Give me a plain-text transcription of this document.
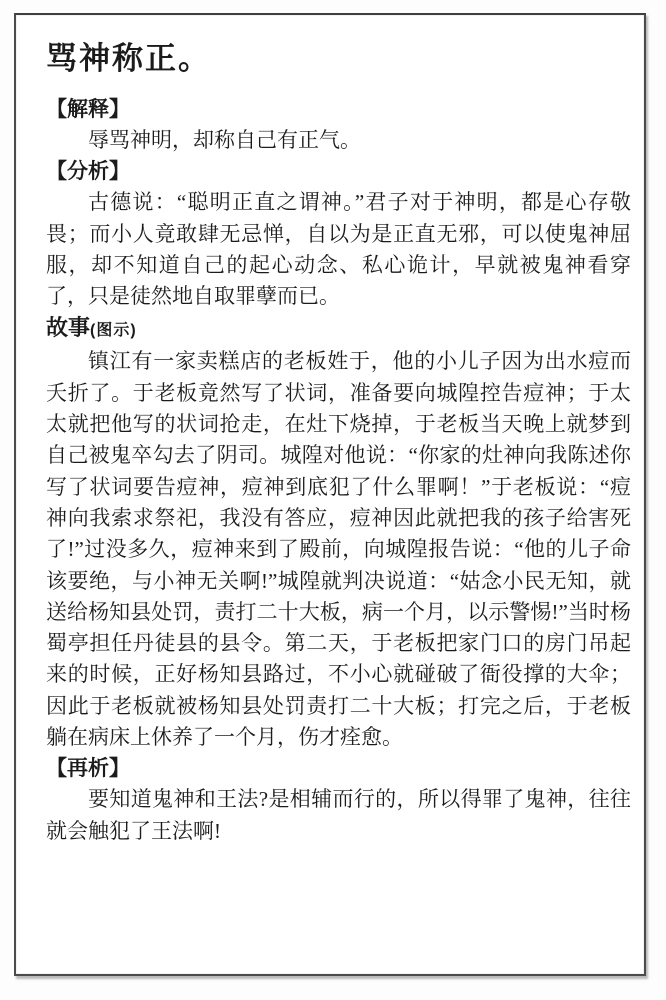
骂神称正。
【解释】

辱骂神明，却称自己有正气。

【分析】

古德说：“聪明正直之谓神。”君子对于神明，都是心存敬畏；而小人竟敢肆无忌惮，自以为是正直无邪，可以使鬼神屈服，却不知道自己的起心动念、私心诡计，早就被鬼神看穿了，只是徒然地自取罪孽而已。

故事(图示)

镇江有一家卖糕店的老板姓于，他的小儿子因为出水痘而夭折了。于老板竟然写了状词，准备要向城隍控告痘神；于太太就把他写的状词抢走，在灶下烧掉，于老板当天晚上就梦到自己被鬼卒勾去了阴司。城隍对他说：“你家的灶神向我陈述你写了状词要告痘神，痘神到底犯了什么罪啊！”于老板说：“痘神向我索求祭祀，我没有答应，痘神因此就把我的孩子给害死了!”过没多久，痘神来到了殿前，向城隍报告说：“他的儿子命该要绝，与小神无关啊!”城隍就判决说道：“姑念小民无知，就送给杨知县处罚，责打二十大板，病一个月，以示警惕!”当时杨蜀亭担任丹徒县的县令。第二天，于老板把家门口的房门吊起来的时候，正好杨知县路过，不小心就碰破了衙役撑的大伞；因此于老板就被杨知县处罚责打二十大板；打完之后，于老板躺在病床上休养了一个月，伤才痊愈。

【再析】

要知道鬼神和王法?是相辅而行的，所以得罪了鬼神，往往就会触犯了王法啊!
